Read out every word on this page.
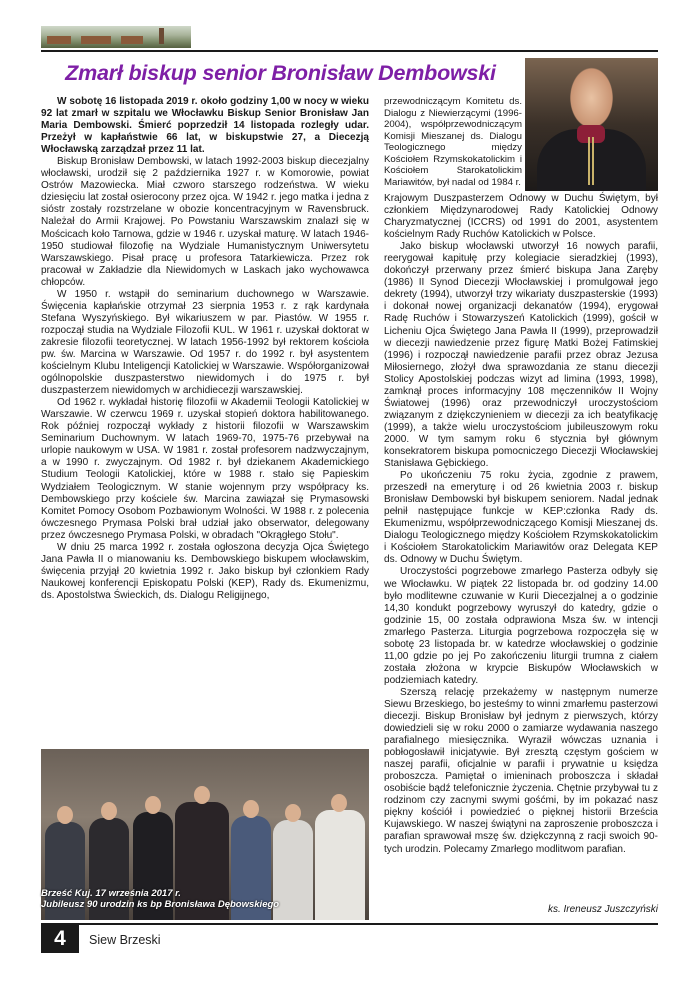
Zmarł biskup senior Bronisław Dembowski

W sobotę 16 listopada 2019 r. około godziny 1,00 w nocy w wieku 92 lat zmarł w szpitalu we Włocławku Biskup Senior Bronisław Jan Maria Dembowski. Śmierć poprzedził 14 listopada rozległy udar. Przeżył w kapłaństwie 66 lat, w biskupstwie 27, a Diecezją Włocławską zarządzał przez 11 lat.

Biskup Bronisław Dembowski, w latach 1992-2003 biskup diecezjalny włocławski, urodził się 2 października 1927 r. w Komorowie, powiat Ostrów Mazowiecka. Miał czworo starszego rodzeństwa. W wieku dziesięciu lat został osierocony przez ojca. W 1942 r. jego matka i jedna z sióstr zostały rozstrzelane w obozie koncentracyjnym w Ravensbruck. Należał do Armii Krajowej. Po Powstaniu Warszawskim znalazł się w Mościcach koło Tarnowa, gdzie w 1946 r. uzyskał maturę. W latach 1946-1950 studiował filozofię na Wydziale Humanistycznym Uniwersytetu Warszawskiego. Pisał pracę u profesora Tatarkiewicza. Przez rok pracował w Zakładzie dla Niewidomych w Laskach jako wychowawca chłopców.

W 1950 r. wstąpił do seminarium duchownego w Warszawie. Święcenia kapłańskie otrzymał 23 sierpnia 1953 r. z rąk kardynała Stefana Wyszyńskiego. Był wikariuszem w par. Piastów. W 1955 r. rozpoczął studia na Wydziale Filozofii KUL. W 1961 r. uzyskał doktorat w zakresie filozofii teoretycznej. W latach 1956-1992 był rektorem kościoła pw. św. Marcina w Warszawie. Od 1957 r. do 1992 r. był asystentem kościelnym Klubu Inteligencji Katolickiej w Warszawie. Współorganizował ogólnopolskie duszpasterstwo niewidomych i do 1975 r. był duszpasterzem niewidomych w archidiecezji warszawskiej.

Od 1962 r. wykładał historię filozofii w Akademii Teologii Katolickiej w Warszawie. W czerwcu 1969 r. uzyskał stopień doktora habilitowanego. Rok później rozpoczął wykłady z historii filozofii w Warszawskim Seminarium Duchownym. W latach 1969-70, 1975-76 przebywał na urlopie naukowym w USA. W 1981 r. został profesorem nadzwyczajnym, a w 1990 r. zwyczajnym. Od 1982 r. był dziekanem Akademickiego Studium Teologii Katolickiej, które w 1988 r. stało się Papieskim Wydziałem Teologicznym. W stanie wojennym przy współpracy ks. Dembowskiego przy kościele św. Marcina zawiązał się Prymasowski Komitet Pomocy Osobom Pozbawionym Wolności. W 1988 r. z polecenia ówczesnego Prymasa Polski brał udział jako obserwator, delegowany przez ówczesnego Prymasa Polski, w obradach "Okrągłego Stołu".

W dniu 25 marca 1992 r. została ogłoszona decyzja Ojca Świętego Jana Pawła II o mianowaniu ks. Dembowskiego biskupem włocławskim, święcenia przyjął 20 kwietnia 1992 r. Jako biskup był członkiem Rady Naukowej konferencji Episkopatu Polski (KEP), Rady ds. Ekumenizmu, ds. Apostolstwa Świeckich, ds. Dialogu Religijnego,

przewodniczącym Komitetu ds. Dialogu z Niewierzącymi (1996-2004), współprzewodniczącym Komisji Mieszanej ds. Dialogu Teologicznego między Kościołem Rzymskokatolickim i Kościołem Starokatolickim Mariawitów, był nadal od 1984 r.

Krajowym Duszpasterzem Odnowy w Duchu Świętym, był członkiem Międzynarodowej Rady Katolickiej Odnowy Charyzmatycznej (ICCRS) od 1991 do 2001, asystentem kościelnym Rady Ruchów Katolickich w Polsce.

Jako biskup włocławski utworzył 16 nowych parafii, reerygował kapitułę przy kolegiacie sieradzkiej (1993), dokończył przerwany przez śmierć biskupa Jana Zaręby (1986) II Synod Diecezji Włocławskiej i promulgował jego dekrety (1994), utworzył trzy wikariaty duszpasterskie (1993) i dokonał nowej organizacji dekanatów (1994), erygował Radę Ruchów i Stowarzyszeń Katolickich (1999), gościł w Licheniu Ojca Świętego Jana Pawła II (1999), przeprowadził w diecezji nawiedzenie przez figurę Matki Bożej Fatimskiej (1996) i rozpoczął nawiedzenie parafii przez obraz Jezusa Miłosiernego, złożył dwa sprawozdania ze stanu diecezji Stolicy Apostolskiej podczas wizyt ad limina (1993, 1998), zamknął proces informacyjny 108 męczenników II Wojny Światowej (1996) oraz przewodniczył uroczystościom związanym z dziękczynieniem w diecezji za ich beatyfikację (1999), a także wielu uroczystościom jubileuszowym roku 2000. W tym samym roku 6 stycznia był głównym konsekratorem biskupa pomocniczego Diecezji Włocławskiej Stanisława Gębickiego.

Po ukończeniu 75 roku życia, zgodnie z prawem, przeszedł na emeryturę i od 26 kwietnia 2003 r. biskup Bronisław Dembowski był biskupem seniorem. Nadal jednak pełnił następujące funkcje w KEP:członka Rady ds. Ekumenizmu, współprzewodniczącego Komisji Mieszanej ds. Dialogu Teologicznego między Kościołem Rzymskokatolickim i Kościołem Starokatolickim Mariawitów oraz Delegata KEP ds. Odnowy w Duchu Świętym.

Uroczystości pogrzebowe zmarłego Pasterza odbyły się we Włocławku. W piątek 22 listopada br. od godziny 14.00 było modlitewne czuwanie w Kurii Diecezjalnej a o godzinie 14,30 kondukt pogrzebowy wyruszył do katedry, gdzie o godzinie 15, 00 została odprawiona Msza św. w intencji zmarłego Pasterza. Liturgia pogrzebowa rozpoczęła się w sobotę 23 listopada br. w katedrze włocławskiej o godzinie 11,00 gdzie po jej Po zakończeniu liturgii trumna z ciałem została złożona w krypcie Biskupów Włocławskich w podziemiach katedry.

Szerszą relację przekażemy w następnym numerze Siewu Brzeskiego, bo jesteśmy to winni zmarłemu pasterzowi diecezji. Biskup Bronisław był jednym z pierwszych, którzy dowiedzieli się w roku 2000 o zamiarze wydawania naszego parafialnego miesięcznika. Wyraził wówczas uznania i pobłogosławił inicjatywie. Był zresztą częstym gościem w naszej parafii, oficjalnie w parafii i prywatnie u księdza proboszcza. Pamiętał o imieninach proboszcza i składał osobiście bądź telefonicznie życzenia. Chętnie przybywał tu z rodzinom czy zacnymi swymi gośćmi, by im pokazać nasz piękny kościół i powiedzieć o pięknej historii Brześcia Kujawskiego. W naszej świątyni na zaproszenie proboszcza i parafian sprawował mszę św. dziękczynną z racji swoich 90-tych urodzin. Polecamy Zmarłego modlitwom parafian.

Brześć Kuj. 17 września 2017 r.
Jubileusz 90 urodzin ks bp Bronisława Dębowskiego	ks. Ireneusz Juszczyński
4	Siew Brzeski
